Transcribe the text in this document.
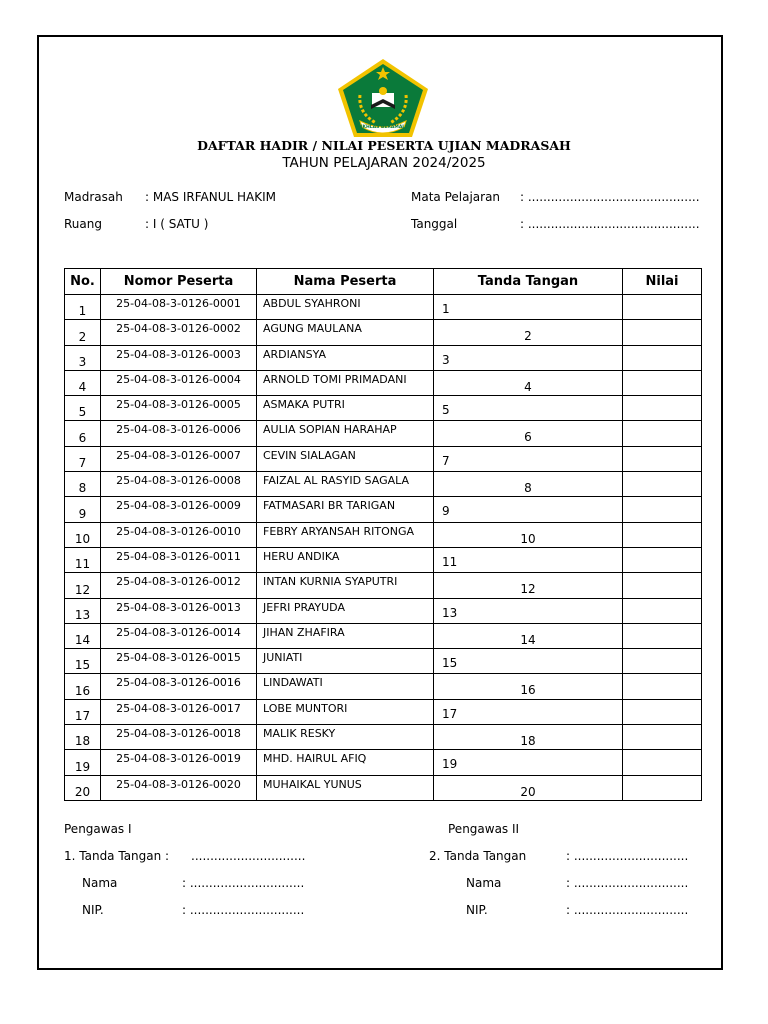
IKHLAS BERAMAL
DAFTAR HADIR / NILAI PESERTA UJIAN MADRASAH
TAHUN PELAJARAN 2024/2025
Madrasah : MAS IRFANUL HAKIM
Ruang	: I ( SATU )
Mata Pelajaran : .............................................
Tanggal	: .............................................
No.	Nomor Peserta	Nama Peserta	Tanda Tangan	Nilai
1	25-04-08-3-0126-0001	ABDUL SYAHRONI	1	

2	25-04-08-3-0126-0002	AGUNG MAULANA	2	

3	25-04-08-3-0126-0003	ARDIANSYA	3	

4	25-04-08-3-0126-0004	ARNOLD TOMI PRIMADANI	4	

5	25-04-08-3-0126-0005	ASMAKA PUTRI	5	

6	25-04-08-3-0126-0006	AULIA SOPIAN HARAHAP	6	

7	25-04-08-3-0126-0007	CEVIN SIALAGAN	7	

8	25-04-08-3-0126-0008	FAIZAL AL RASYID SAGALA	8	

9	25-04-08-3-0126-0009	FATMASARI BR TARIGAN	9	

10	25-04-08-3-0126-0010	FEBRY ARYANSAH RITONGA	10	

11	25-04-08-3-0126-0011	HERU ANDIKA	11	

12	25-04-08-3-0126-0012	INTAN KURNIA SYAPUTRI	12	

13	25-04-08-3-0126-0013	JEFRI PRAYUDA	13	

14	25-04-08-3-0126-0014	JIHAN ZHAFIRA	14	

15	25-04-08-3-0126-0015	JUNIATI	15	

16	25-04-08-3-0126-0016	LINDAWATI	16	

17	25-04-08-3-0126-0017	LOBE MUNTORI	17	

18	25-04-08-3-0126-0018	MALIK RESKY	18	

19	25-04-08-3-0126-0019	MHD. HAIRUL AFIQ	19	

20	25-04-08-3-0126-0020	MUHAIKAL YUNUS	20	

Pengawas I
1. Tanda Tangan : ..............................
Nama	: ..............................
NIP.	: ..............................
Pengawas II
2. Tanda Tangan	: ..............................
Nama	: ..............................
NIP.	: ..............................
